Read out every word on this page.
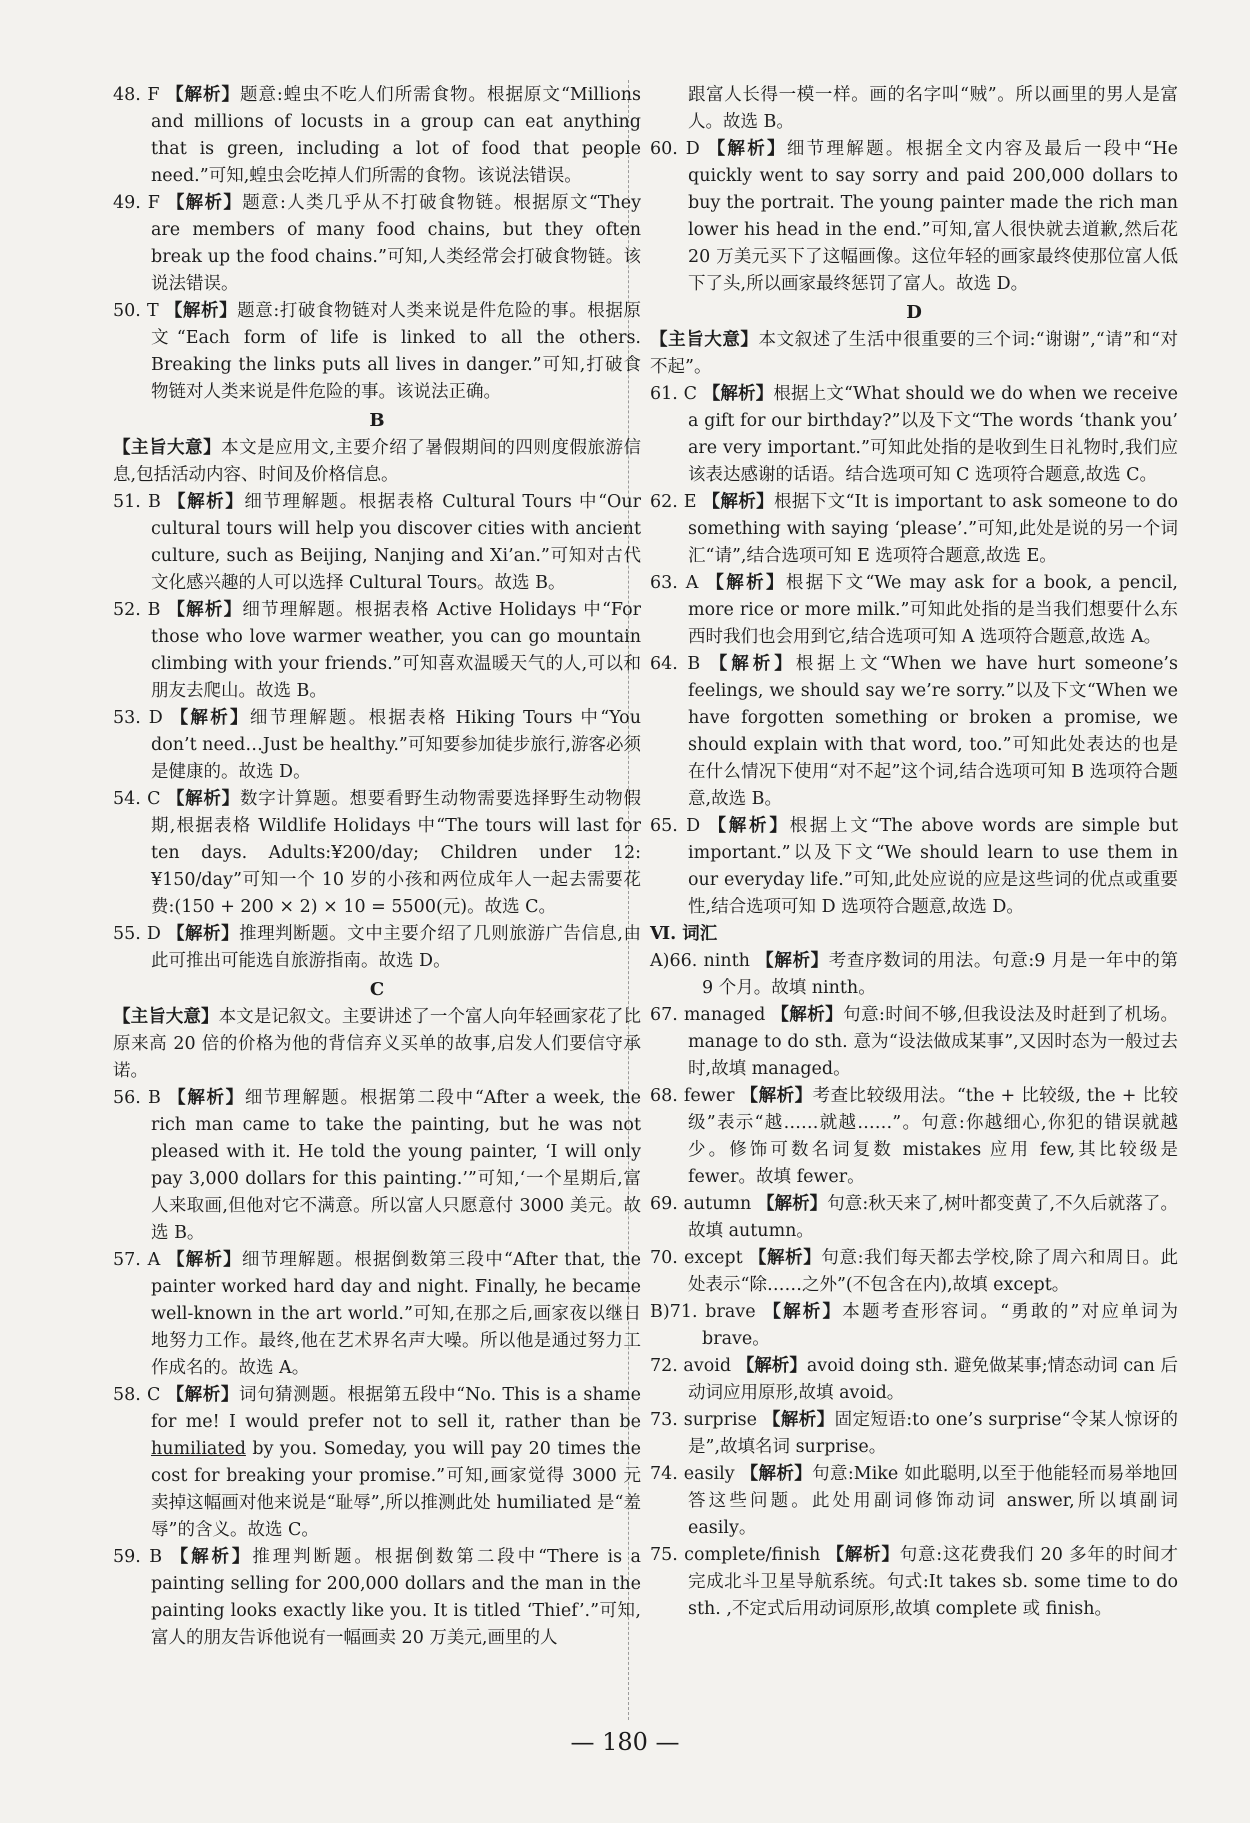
48. F 【解析】题意:蝗虫不吃人们所需食物。根据原文“Millions and millions of locusts in a group can eat anything that is green, including a lot of food that people need.”可知,蝗虫会吃掉人们所需的食物。该说法错误。

49. F 【解析】题意:人类几乎从不打破食物链。根据原文“They are members of many food chains, but they often break up the food chains.”可知,人类经常会打破食物链。该说法错误。

50. T 【解析】题意:打破食物链对人类来说是件危险的事。根据原文“Each form of life is linked to all the others. Breaking the links puts all lives in danger.”可知,打破食物链对人类来说是件危险的事。该说法正确。

B

【主旨大意】本文是应用文,主要介绍了暑假期间的四则度假旅游信息,包括活动内容、时间及价格信息。

51. B 【解析】细节理解题。根据表格 Cultural Tours 中“Our cultural tours will help you discover cities with ancient culture, such as Beijing, Nanjing and Xi’an.”可知对古代文化感兴趣的人可以选择 Cultural Tours。故选 B。

52. B 【解析】细节理解题。根据表格 Active Holidays 中“For those who love warmer weather, you can go mountain climbing with your friends.”可知喜欢温暖天气的人,可以和朋友去爬山。故选 B。

53. D 【解析】细节理解题。根据表格 Hiking Tours 中“You don’t need…Just be healthy.”可知要参加徒步旅行,游客必须是健康的。故选 D。

54. C 【解析】数字计算题。想要看野生动物需要选择野生动物假期,根据表格 Wildlife Holidays 中“The tours will last for ten days. Adults:¥200/day; Children under 12:¥150/day”可知一个 10 岁的小孩和两位成年人一起去需要花费:(150 + 200 × 2) × 10 = 5500(元)。故选 C。

55. D 【解析】推理判断题。文中主要介绍了几则旅游广告信息,由此可推出可能选自旅游指南。故选 D。

C

【主旨大意】本文是记叙文。主要讲述了一个富人向年轻画家花了比原来高 20 倍的价格为他的背信弃义买单的故事,启发人们要信守承诺。

56. B 【解析】细节理解题。根据第二段中“After a week, the rich man came to take the painting, but he was not pleased with it. He told the young painter, ‘I will only pay 3,000 dollars for this painting.’”可知,‘一个星期后,富人来取画,但他对它不满意。所以富人只愿意付 3000 美元。故选 B。

57. A 【解析】细节理解题。根据倒数第三段中“After that, the painter worked hard day and night. Finally, he became well-known in the art world.”可知,在那之后,画家夜以继日地努力工作。最终,他在艺术界名声大噪。所以他是通过努力工作成名的。故选 A。

58. C 【解析】词句猜测题。根据第五段中“No. This is a shame for me! I would prefer not to sell it, rather than be humiliated by you. Someday, you will pay 20 times the cost for breaking your promise.”可知,画家觉得 3000 元卖掉这幅画对他来说是“耻辱”,所以推测此处 humiliated 是“羞辱”的含义。故选 C。

59. B 【解析】推理判断题。根据倒数第二段中“There is a painting selling for 200,000 dollars and the man in the painting looks exactly like you. It is titled ‘Thief’.”可知,富人的朋友告诉他说有一幅画卖 20 万美元,画里的人

跟富人长得一模一样。画的名字叫“贼”。所以画里的男人是富人。故选 B。

60. D 【解析】细节理解题。根据全文内容及最后一段中“He quickly went to say sorry and paid 200,000 dollars to buy the portrait. The young painter made the rich man lower his head in the end.”可知,富人很快就去道歉,然后花 20 万美元买下了这幅画像。这位年轻的画家最终使那位富人低下了头,所以画家最终惩罚了富人。故选 D。

D

【主旨大意】本文叙述了生活中很重要的三个词:“谢谢”,“请”和“对不起”。

61. C 【解析】根据上文“What should we do when we receive a gift for our birthday?”以及下文“The words ‘thank you’ are very important.”可知此处指的是收到生日礼物时,我们应该表达感谢的话语。结合选项可知 C 选项符合题意,故选 C。

62. E 【解析】根据下文“It is important to ask someone to do something with saying ‘please’.”可知,此处是说的另一个词汇“请”,结合选项可知 E 选项符合题意,故选 E。

63. A 【解析】根据下文“We may ask for a book, a pencil, more rice or more milk.”可知此处指的是当我们想要什么东西时我们也会用到它,结合选项可知 A 选项符合题意,故选 A。

64. B 【解析】根据上文“When we have hurt someone’s feelings, we should say we’re sorry.”以及下文“When we have forgotten something or broken a promise, we should explain with that word, too.”可知此处表达的也是在什么情况下使用“对不起”这个词,结合选项可知 B 选项符合题意,故选 B。

65. D 【解析】根据上文“The above words are simple but important.”以及下文“We should learn to use them in our everyday life.”可知,此处应说的应是这些词的优点或重要性,结合选项可知 D 选项符合题意,故选 D。

Ⅵ. 词汇

A)66. ninth 【解析】考查序数词的用法。句意:9 月是一年中的第 9 个月。故填 ninth。

67. managed 【解析】句意:时间不够,但我设法及时赶到了机场。manage to do sth. 意为“设法做成某事”,又因时态为一般过去时,故填 managed。

68. fewer 【解析】考查比较级用法。“the + 比较级, the + 比较级”表示“越……就越……”。句意:你越细心,你犯的错误就越少。修饰可数名词复数 mistakes 应用 few,其比较级是 fewer。故填 fewer。

69. autumn 【解析】句意:秋天来了,树叶都变黄了,不久后就落了。故填 autumn。

70. except 【解析】句意:我们每天都去学校,除了周六和周日。此处表示“除……之外”(不包含在内),故填 except。

B)71. brave 【解析】本题考查形容词。“勇敢的”对应单词为 brave。

72. avoid 【解析】avoid doing sth. 避免做某事;情态动词 can 后动词应用原形,故填 avoid。

73. surprise 【解析】固定短语:to one’s surprise“令某人惊讶的是”,故填名词 surprise。

74. easily 【解析】句意:Mike 如此聪明,以至于他能轻而易举地回答这些问题。此处用副词修饰动词 answer,所以填副词 easily。

75. complete/finish 【解析】句意:这花费我们 20 多年的时间才完成北斗卫星导航系统。句式:It takes sb. some time to do sth. ,不定式后用动词原形,故填 complete 或 finish。

— 180 —
